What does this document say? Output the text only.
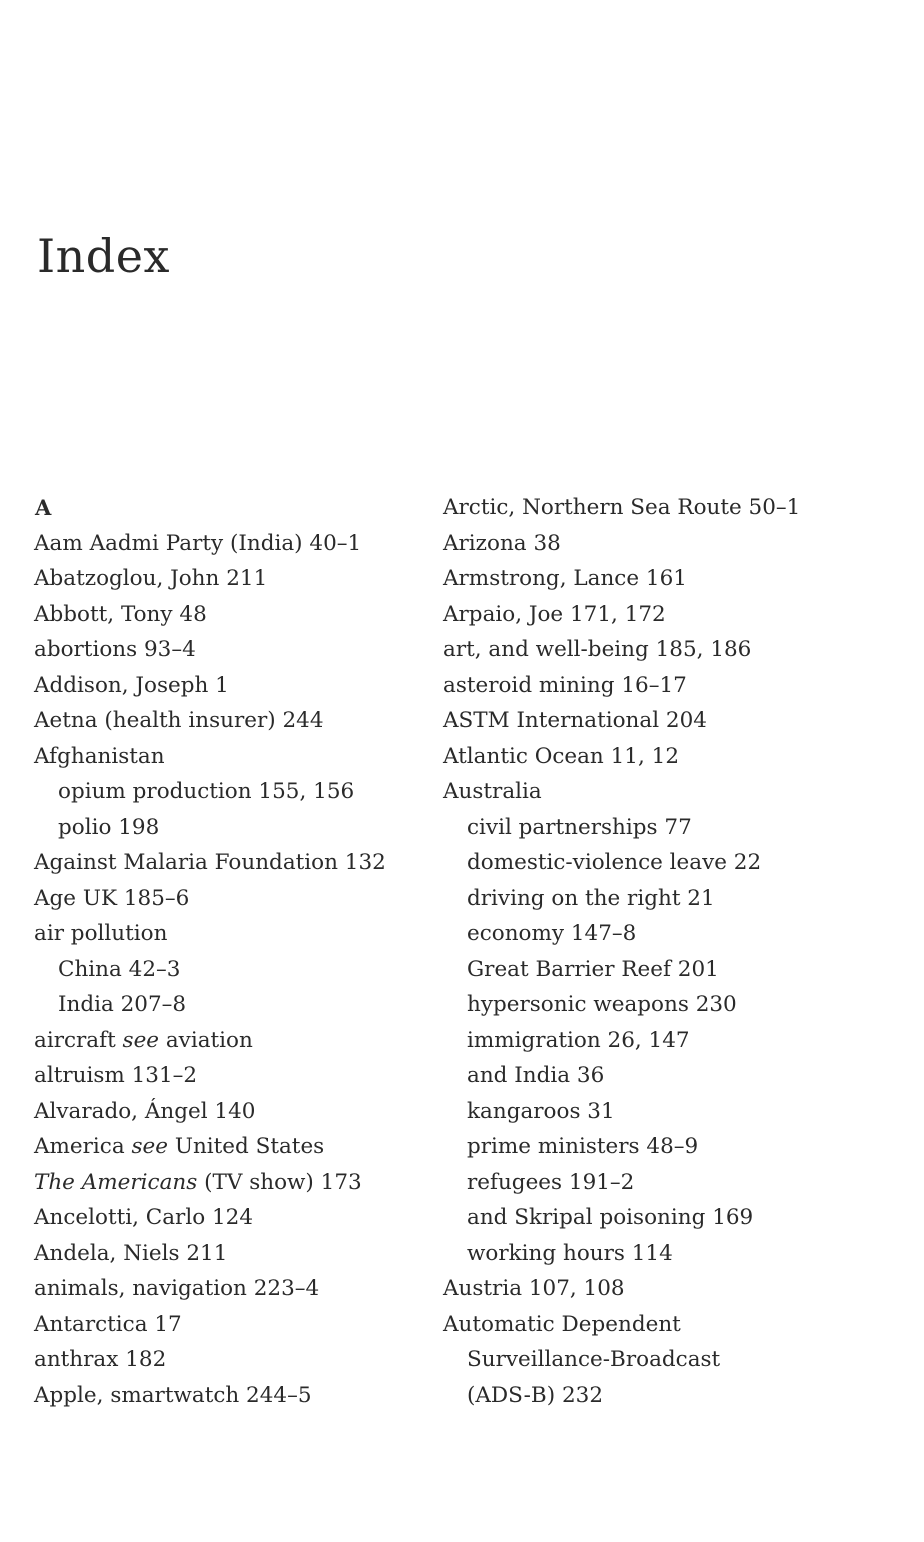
Index
A
Aam Aadmi Party (India) 40–1
Abatzoglou, John 211
Abbott, Tony 48
abortions 93–4
Addison, Joseph 1
Aetna (health insurer) 244
Afghanistan
opium production 155, 156
polio 198
Against Malaria Foundation 132
Age UK 185–6
air pollution
China 42–3
India 207–8
aircraft see aviation
altruism 131–2
Alvarado, Ángel 140
America see United States
The Americans (TV show) 173
Ancelotti, Carlo 124
Andela, Niels 211
animals, navigation 223–4
Antarctica 17
anthrax 182
Apple, smartwatch 244–5
Arctic, Northern Sea Route 50–1
Arizona 38
Armstrong, Lance 161
Arpaio, Joe 171, 172
art, and well-being 185, 186
asteroid mining 16–17
ASTM International 204
Atlantic Ocean 11, 12
Australia
civil partnerships 77
domestic-violence leave 22
driving on the right 21
economy 147–8
Great Barrier Reef 201
hypersonic weapons 230
immigration 26, 147
and India 36
kangaroos 31
prime ministers 48–9
refugees 191–2
and Skripal poisoning 169
working hours 114
Austria 107, 108
Automatic Dependent
Surveillance-Broadcast
(ADS-B) 232
